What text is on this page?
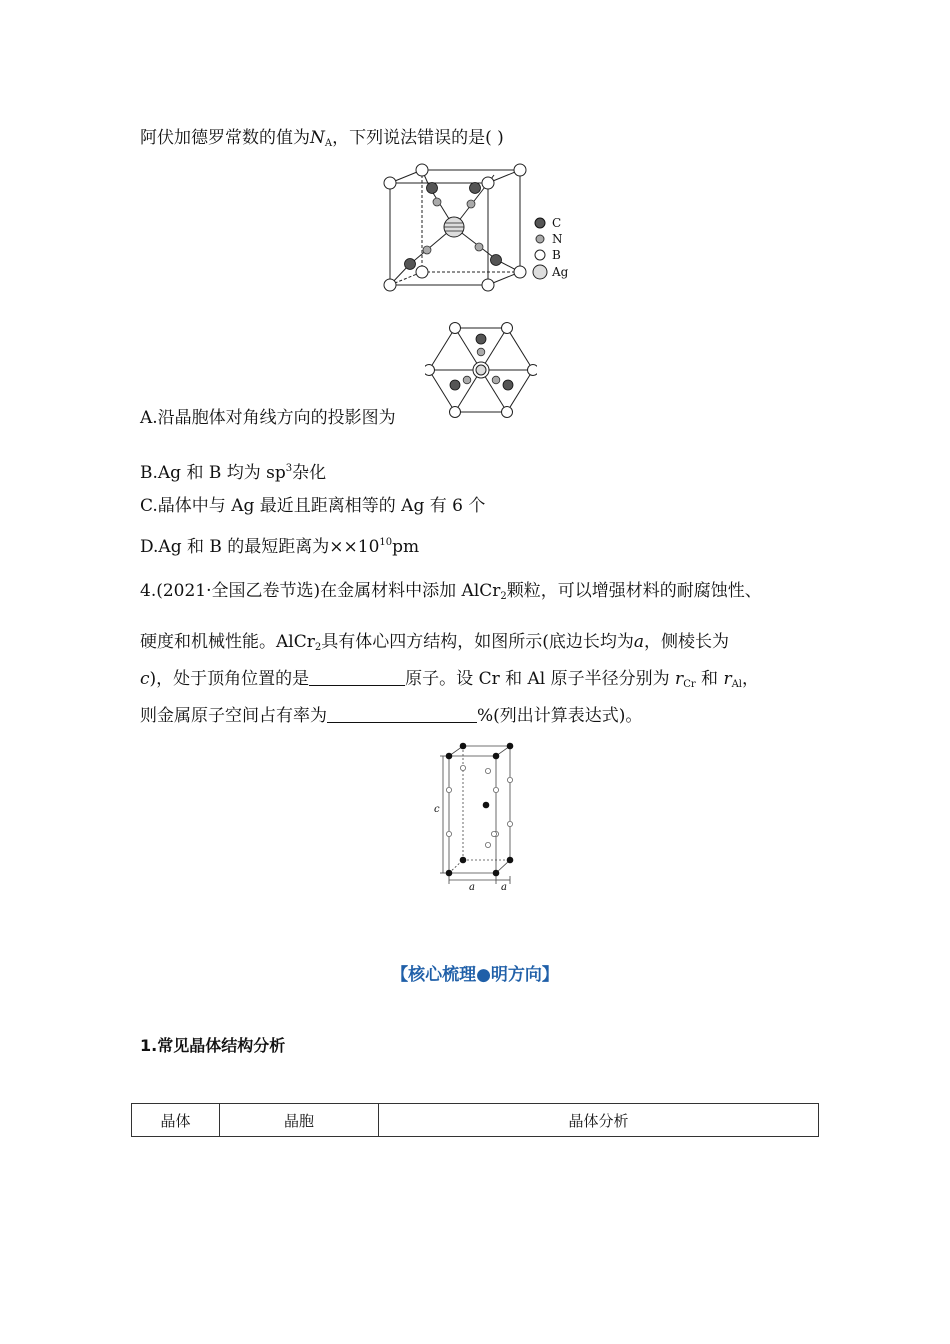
阿伏加德罗常数的值为$N_A$，下列说法错误的是( )
C
N
B
Ag
A.沿晶胞体对角线方向的投影图为
B.Ag 和 B 均为 $sp^3$杂化
C.晶体中与 Ag 最近且距离相等的 Ag 有 6 个
D.Ag 和 B 的最短距离为$\times\times 10^{10}pm$
4.(2021·全国乙卷节选)在金属材料中添加 AlCr$_2$颗粒，可以增强材料的耐腐蚀性、
硬度和机械性能。AlCr$_2$具有体心四方结构，如图所示(底边长均为a，侧棱长为
c)，处于顶角位置的是	原子。设 Cr 和 Al 原子半径分别为 $r_{Cr}$ 和 $r_{Al}$，
则金属原子空间占有率为	%(列出计算表达式)。
c
a	a
【核心梳理●明方向】
1.常见晶体结构分析
晶体	晶胞	晶体分析
